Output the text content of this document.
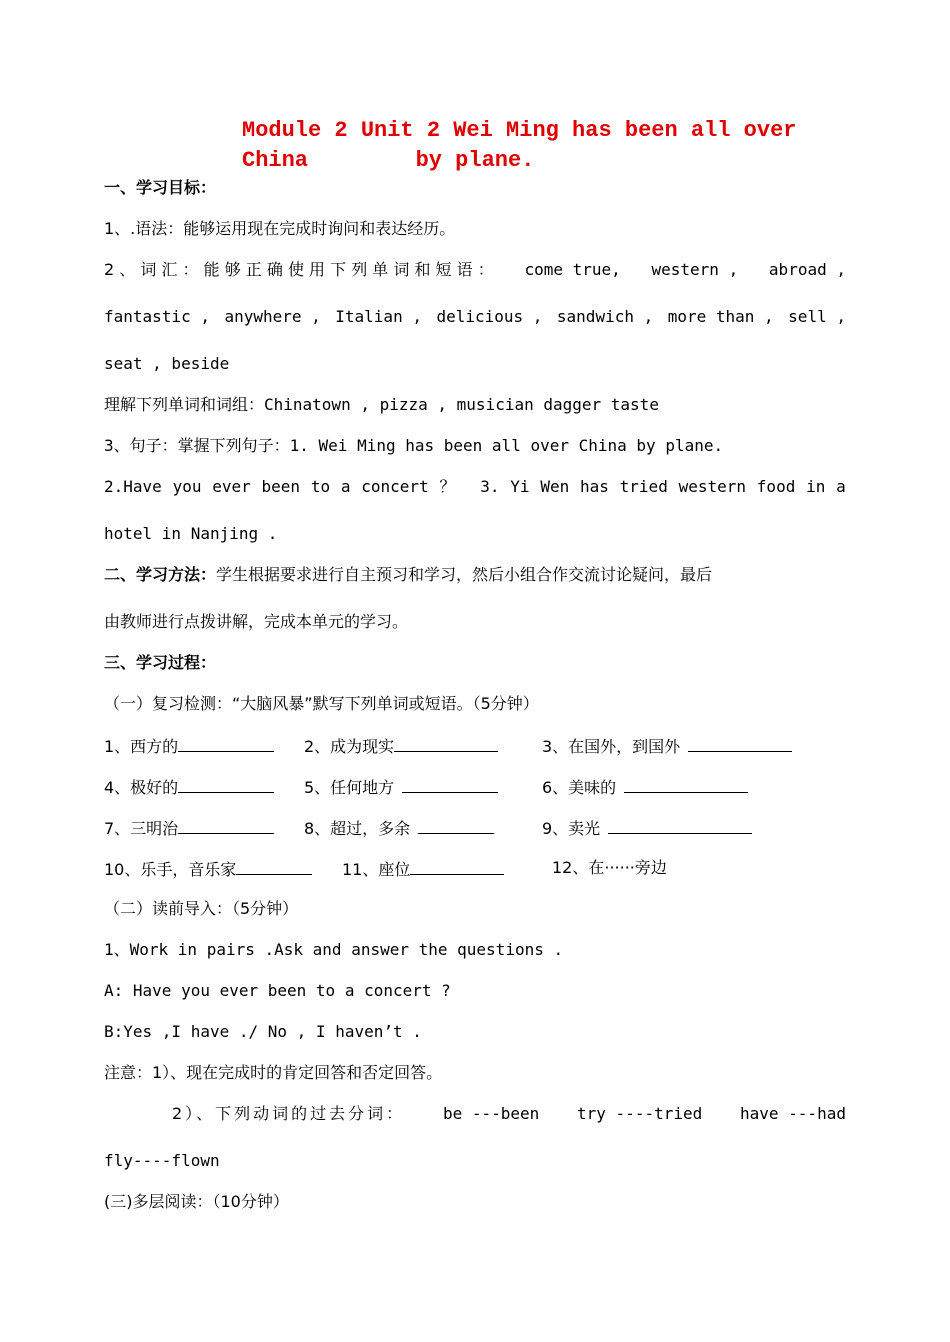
Module 2 Unit 2 Wei Ming has been all over China	by plane.
一、学习目标：
1、.语法：能够运用现在完成时询问和表达经历。
2 、 词 汇 ： 能 够 正 确 使 用 下 列 单 词 和 短 语 ： come true, western , abroad ,
fantastic , anywhere , Italian , delicious , sandwich , more than , sell ,
seat , beside
理解下列单词和词组：Chinatown , pizza , musician dagger taste
3、句子：掌握下列句子：1. Wei Ming has been all over China by plane.
2.Have you ever been to a concert ？ 3. Yi Wen has tried western food in a
hotel in Nanjing .
二、学习方法：学生根据要求进行自主预习和学习，然后小组合作交流讨论疑问，最后
由教师进行点拨讲解，完成本单元的学习。
三、学习过程：
（一）复习检测：“大脑风暴”默写下列单词或短语。（5分钟）
1、西方的	2、成为现实	3、在国外，到国外
4、极好的	5、任何地方	6、美味的
7、三明治	8、超过，多余	9、卖光
10、乐手，音乐家	11、座位	12、在······旁边
（二）读前导入：（5分钟）
1、Work in pairs .Ask and answer the questions .
A: Have you ever been to a concert ?
B:Yes ,I have ./ No , I haven’t .
注意：1）、现在完成时的肯定回答和否定回答。
2）、下列动词的过去分词： be ---been try ----tried have ---had
fly----flown
(三)多层阅读：（10分钟）
